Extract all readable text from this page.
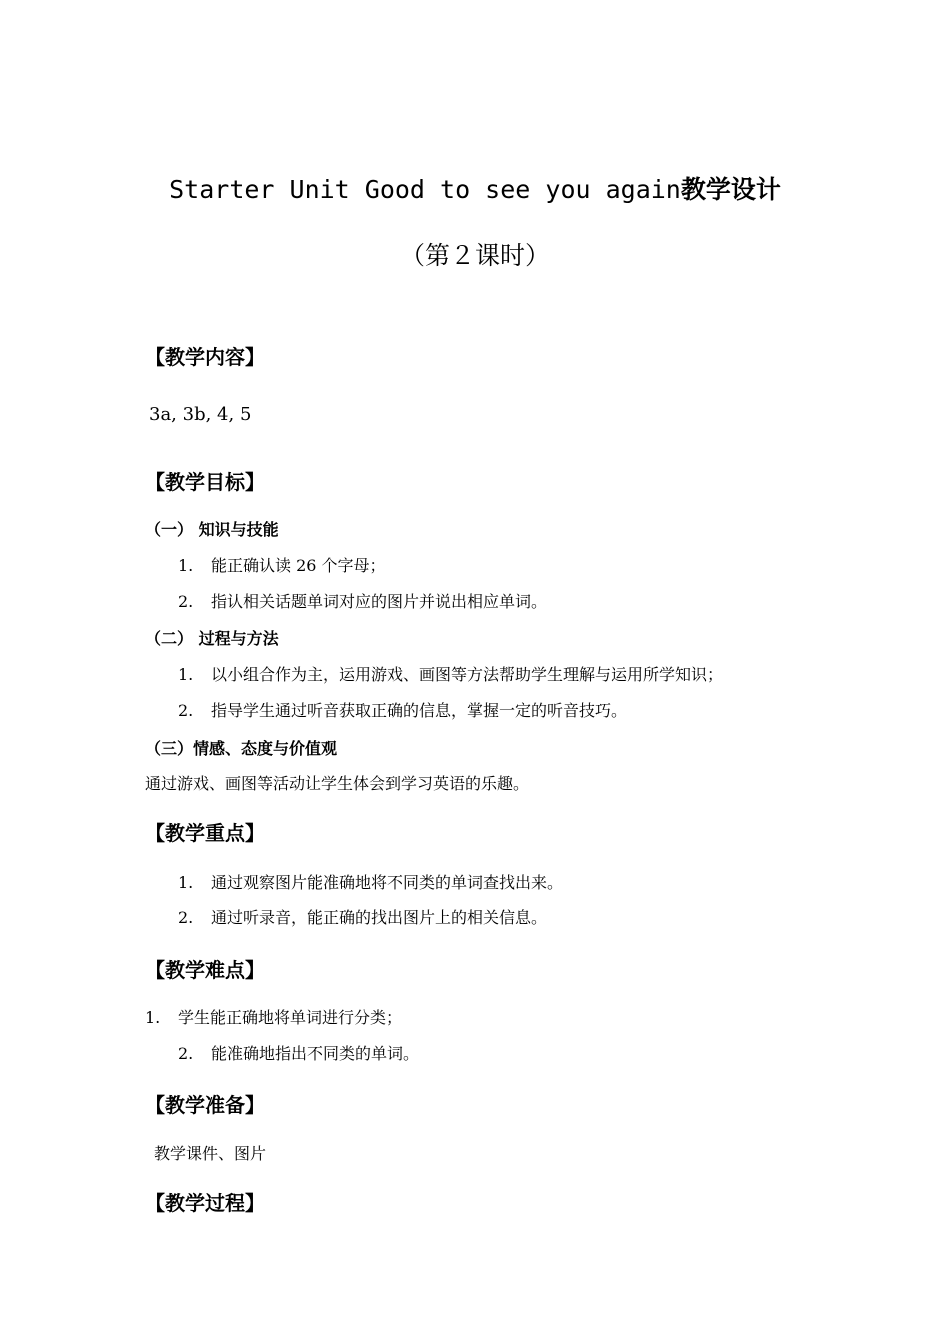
Starter Unit Good to see you again教学设计
（第２课时）
【教学内容】
3a, 3b, 4, 5
【教学目标】
（一） 知识与技能
1. 能正确认读 26 个字母；
2. 指认相关话题单词对应的图片并说出相应单词。
（二） 过程与方法
1. 以小组合作为主，运用游戏、画图等方法帮助学生理解与运用所学知识；
2. 指导学生通过听音获取正确的信息，掌握一定的听音技巧。
（三）情感、态度与价值观
通过游戏、画图等活动让学生体会到学习英语的乐趣。
【教学重点】
1. 通过观察图片能准确地将不同类的单词查找出来。
2. 通过听录音，能正确的找出图片上的相关信息。
【教学难点】
1. 学生能正确地将单词进行分类；
2. 能准确地指出不同类的单词。
【教学准备】
教学课件、图片
【教学过程】
